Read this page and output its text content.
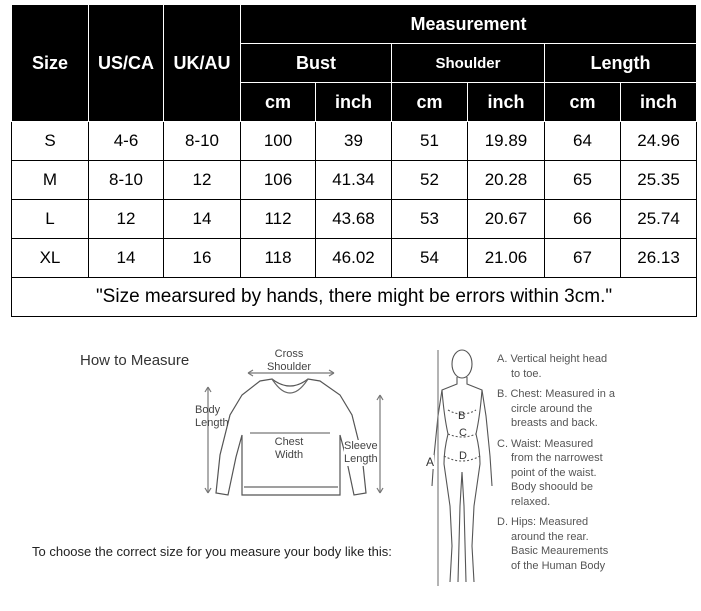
Size	US/CA	UK/AU	Measurement					
			Bust		Shoulder		Length	
			cm	inch	cm	inch	cm	inch
S	4-6	8-10	100	39	51	19.89	64	24.96
M	8-10	12	106	41.34	52	20.28	65	25.35
L	12	14	112	43.68	53	20.67	66	25.74
XL	14	16	118	46.02	54	21.06	67	26.13
"Size mearsured by hands, there might be errors within 3cm."								
How to Measure	Cross
Shoulder
Body
Length
Chest
Width
Sleeve
Length
To choose the correct size for you measure your body like this:
A
B
C
D
A. Vertical height head
to toe.
B. Chest: Measured in a
circle around the
breasts and back.
C. Waist: Measured
from the narrowest
point of the waist.
Body shoould be
relaxed.
D. Hips: Measured
around the rear.
Basic Meaurements
of the Human Body
